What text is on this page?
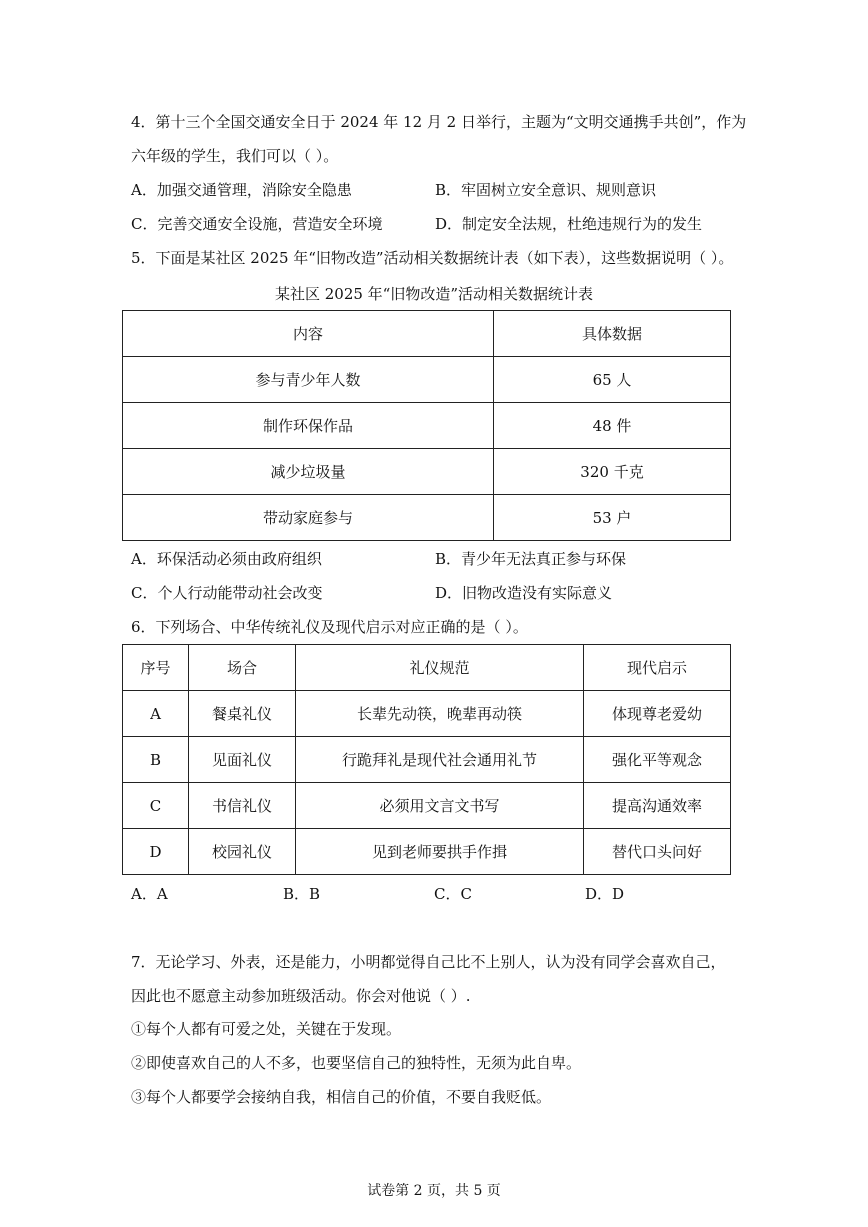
4．第十三个全国交通安全日于 2024 年 12 月 2 日举行，主题为“文明交通携手共创”，作为
六年级的学生，我们可以（ ）。
A．加强交通管理，消除安全隐患	B．牢固树立安全意识、规则意识
C．完善交通安全设施，营造安全环境	D．制定安全法规，杜绝违规行为的发生
5．下面是某社区 2025 年“旧物改造”活动相关数据统计表（如下表），这些数据说明（ ）。
某社区 2025 年“旧物改造”活动相关数据统计表
内容	具体数据
参与青少年人数	65 人
制作环保作品	48 件
减少垃圾量	320 千克
带动家庭参与	53 户
A．环保活动必须由政府组织	B．青少年无法真正参与环保
C．个人行动能带动社会改变	D．旧物改造没有实际意义
6．下列场合、中华传统礼仪及现代启示对应正确的是（ ）。
序号	场合	礼仪规范	现代启示
A	餐桌礼仪	长辈先动筷，晚辈再动筷	体现尊老爱幼
B	见面礼仪	行跪拜礼是现代社会通用礼节	强化平等观念
C	书信礼仪	必须用文言文书写	提高沟通效率
D	校园礼仪	见到老师要拱手作揖	替代口头问好
A．A	B．B	C．C	D．D
7．无论学习、外表，还是能力，小明都觉得自己比不上别人，认为没有同学会喜欢自己，
因此也不愿意主动参加班级活动。你会对他说（ ）.
①每个人都有可爱之处，关键在于发现。
②即使喜欢自己的人不多，也要坚信自己的独特性，无须为此自卑。
③每个人都要学会接纳自我，相信自己的价值，不要自我贬低。
试卷第 2 页，共 5 页
